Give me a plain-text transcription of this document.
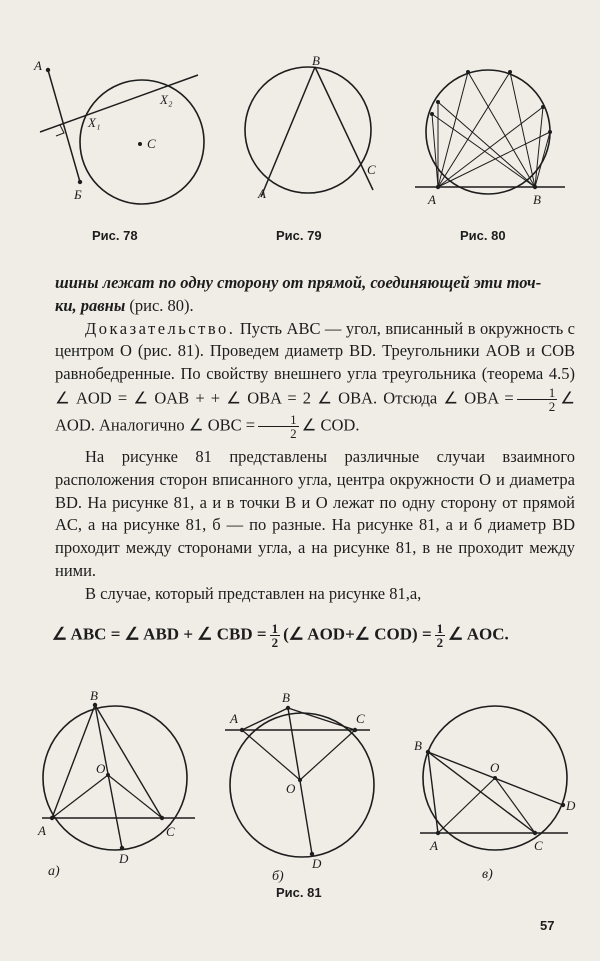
A
Б
C
X₁
X₂
Рис. 78
B
A
C
Рис. 79
A	B
Рис. 80

шины лежат по одну сторону от прямой, соединяющей эти точ-

ки, равны (рис. 80).

Доказательство. Пусть ABC — угол, вписанный в окружность с центром O (рис. 81). Проведем диаметр BD. Треугольники AOB и COB равнобедренные. По свойству внешнего угла треугольника (теорема 4.5) ∠ AOD = ∠ OAB + + ∠ OBA = 2 ∠ OBA. Отсюда ∠ OBA = $\frac{1}{2}$ ∠ AOD. Аналогично ∠ OBC = $\frac{1}{2}$ ∠ COD.

На рисунке 81 представлены различные случаи взаимного расположения сторон вписанного угла, центра окружности O и диаметра BD. На рисунке 81, а и в точки B и O лежат по одну сторону от прямой AC, а на рисунке 81, б — по разные. На рисунке 81, а и б диаметр BD проходит между сторонами угла, а на рисунке 81, в не проходит между ними.

В случае, который представлен на рисунке 81,а,

∠ ABC = ∠ ABD + ∠ CBD = $\frac{1}{2}$ (∠ AOD+∠ $COD) = \frac{1}{2}$ ∠ AOC.
B
A	C
O
D
а)
B
A	C
O
D
б)
Рис. 81
B
A	C
O
D
в)
57
